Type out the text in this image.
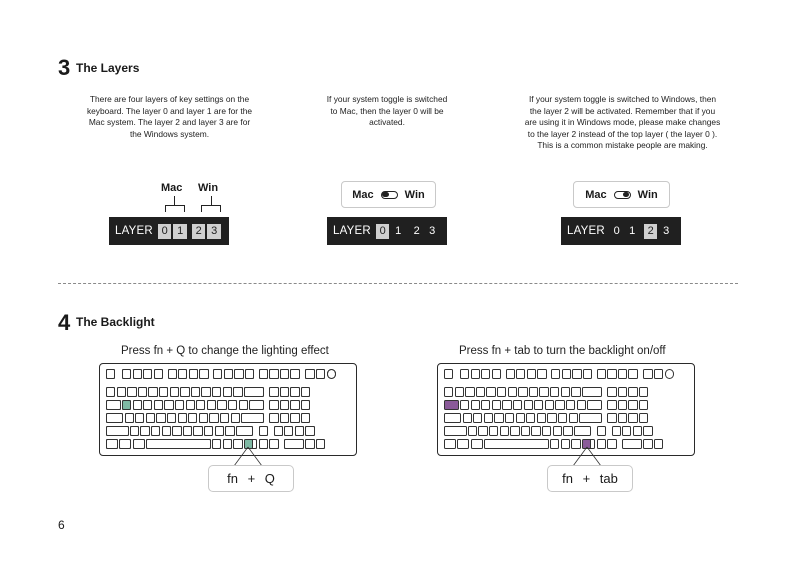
3 The Layers
There are four layers of key settings on the
keyboard. The layer 0 and layer 1 are for the
Mac system. The layer 2 and layer 3 are for
the Windows system.
If your system toggle is switched
to Mac, then the layer 0 will be
activated.
If your system toggle is switched to Windows, then
the layer 2 will be activated. Remember that if you
are using it in Windows mode, please make changes
to the layer 2 instead of the top layer ( the layer 0 ).
This is a common mistake people are making.
Mac Win
LAYER 0 1	2 3
Mac	Win
LAYER 0 1	2 3
Mac	Win
LAYER 0 1	2 3
4 The Backlight
Press fn + Q to change the lighting effect	Press fn + tab to turn the backlight on/off
fn + Q	fn + tab
6
